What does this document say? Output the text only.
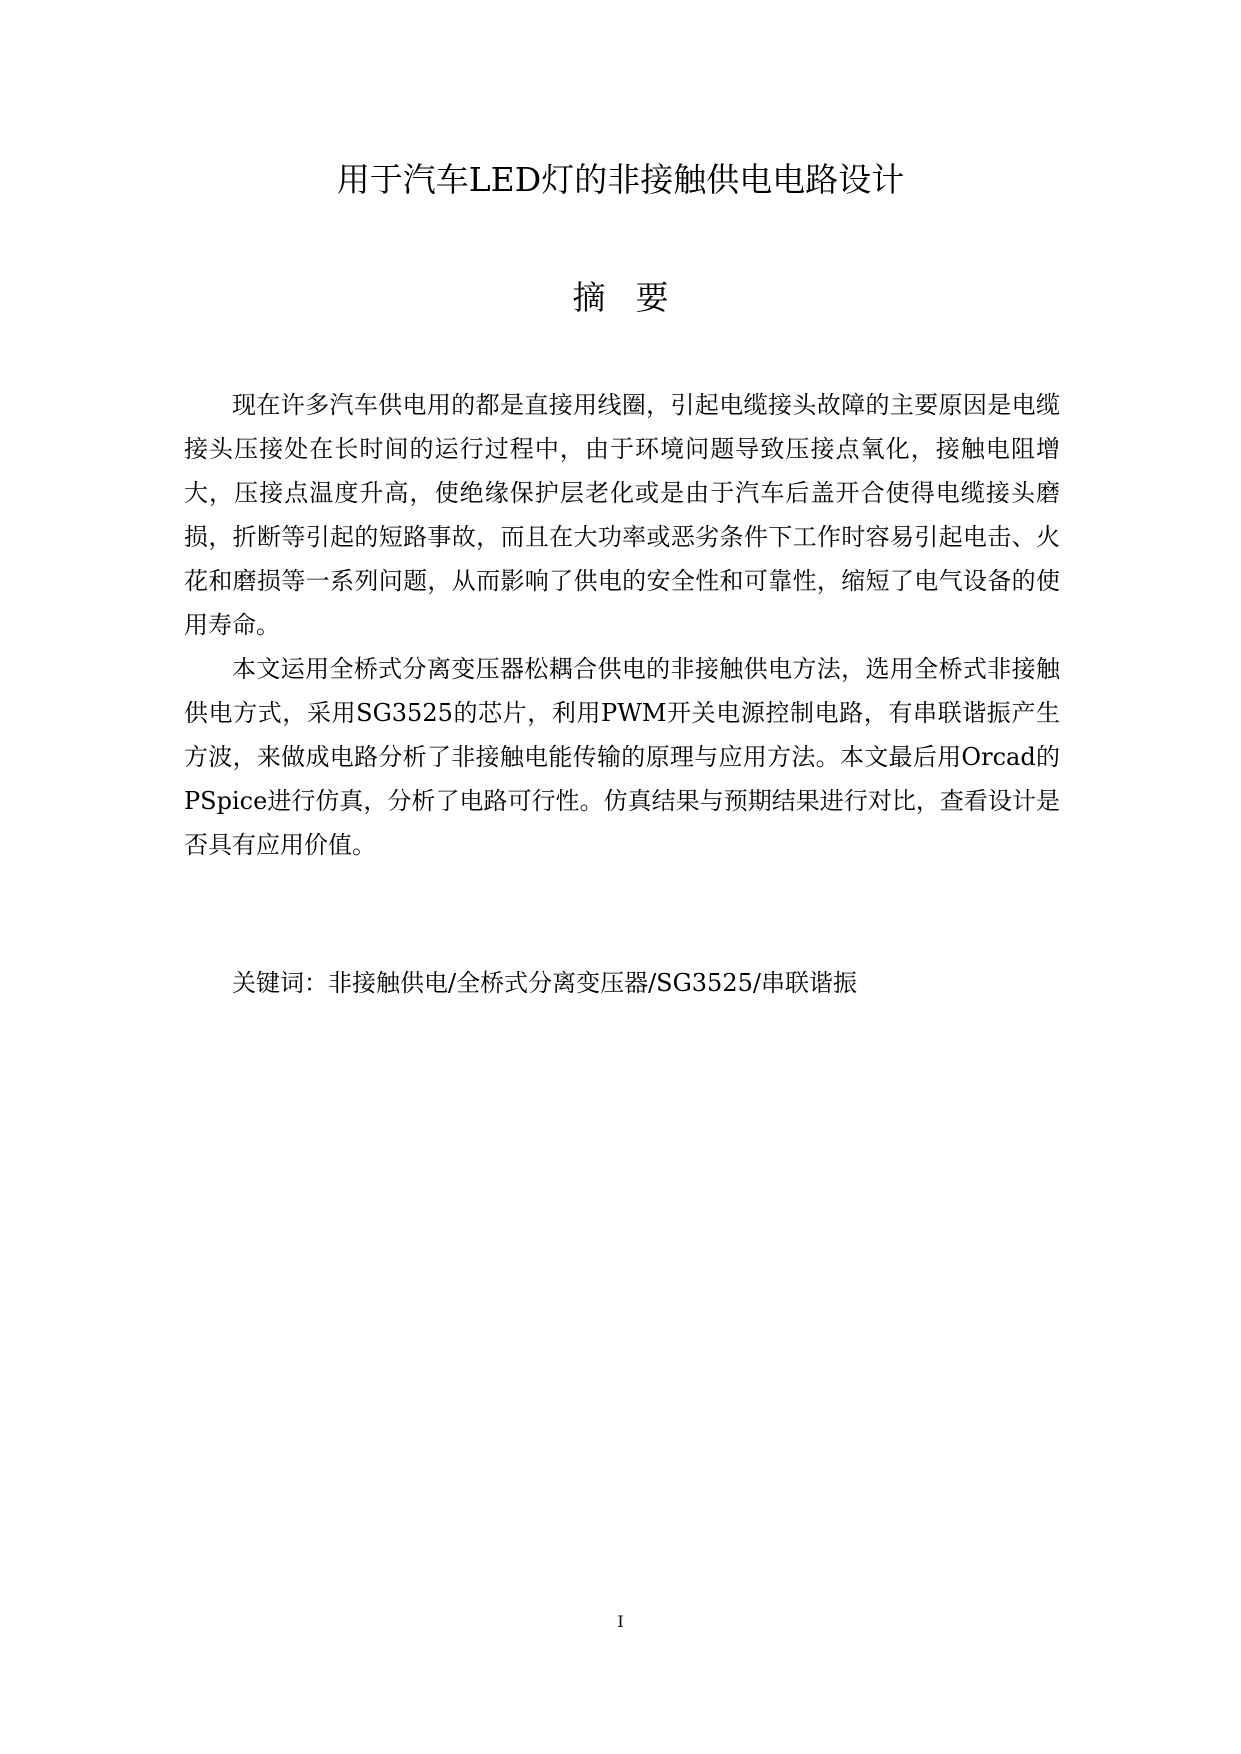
用于汽车LED灯的非接触供电电路设计
摘要

现在许多汽车供电用的都是直接用线圈，引起电缆接头故障的主要原因是电缆接头压接处在长时间的运行过程中，由于环境问题导致压接点氧化，接触电阻增大，压接点温度升高，使绝缘保护层老化或是由于汽车后盖开合使得电缆接头磨损，折断等引起的短路事故，而且在大功率或恶劣条件下工作时容易引起电击、火花和磨损等一系列问题，从而影响了供电的安全性和可靠性，缩短了电气设备的使用寿命。

本文运用全桥式分离变压器松耦合供电的非接触供电方法，选用全桥式非接触供电方式，采用SG3525的芯片，利用PWM开关电源控制电路，有串联谐振产生方波，来做成电路分析了非接触电能传输的原理与应用方法。本文最后用Orcad的PSpice进行仿真，分析了电路可行性。仿真结果与预期结果进行对比，查看设计是否具有应用价值。

关键词：非接触供电/全桥式分离变压器/SG3525/串联谐振
I
